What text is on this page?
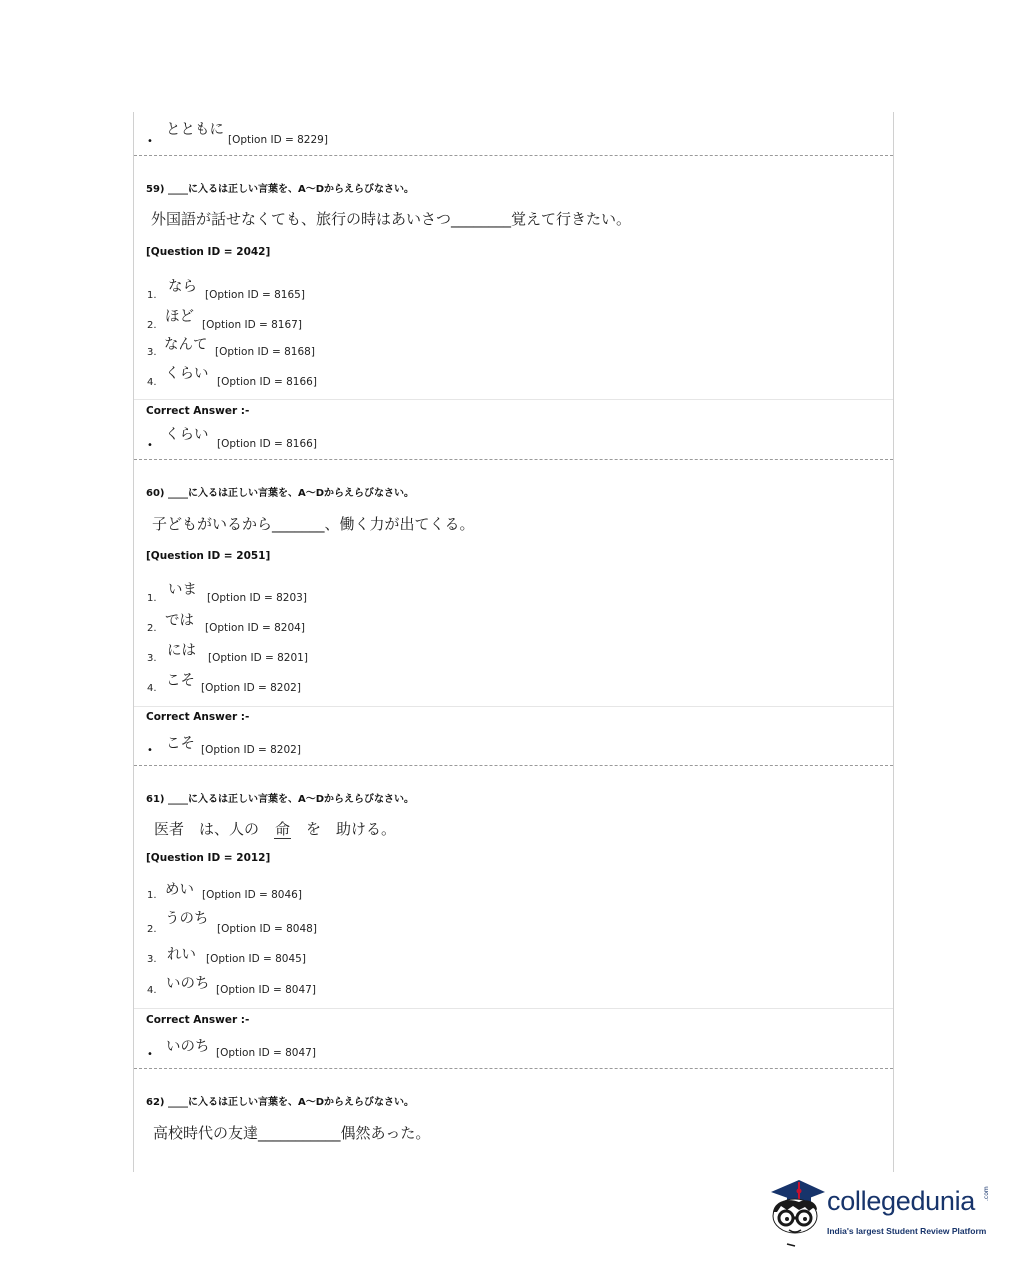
•
とともに
[Option ID = 8229]
59) ____に入るは正しい言葉を、A～Dからえらびなさい。
外国語が話せなくても、旅行の時はあいさつ________覚えて行きたい。
[Question ID = 2042]
1.
なら [Option ID = 8165]
2.
ほど [Option ID = 8167]
3. なんて [Option ID = 8168]
4.
くらい [Option ID = 8166]
Correct Answer :-
•
くらい
[Option ID = 8166]
60) ____に入るは正しい言葉を、A～Dからえらびなさい。
子どもがいるから_______、働く力が出てくる。
[Question ID = 2051]
1.
いま [Option ID = 8203]
2. では [Option ID = 8204]
3. には [Option ID = 8201]
4. こそ [Option ID = 8202]
Correct Answer :-
• こそ [Option ID = 8202]
61) ____に入るは正しい言葉を、A～Dからえらびなさい。
医者　は、人の　命　を　助ける。
[Question ID = 2012]
1. めい [Option ID = 8046]
2.
うのち
[Option ID = 8048]
3. れい [Option ID = 8045]
4. いのち [Option ID = 8047]
Correct Answer :-
• いのち [Option ID = 8047]
62) ____に入るは正しい言葉を、A～Dからえらびなさい。
高校時代の友達___________偶然あった。
collegedunia .com
India's largest Student Review Platform
